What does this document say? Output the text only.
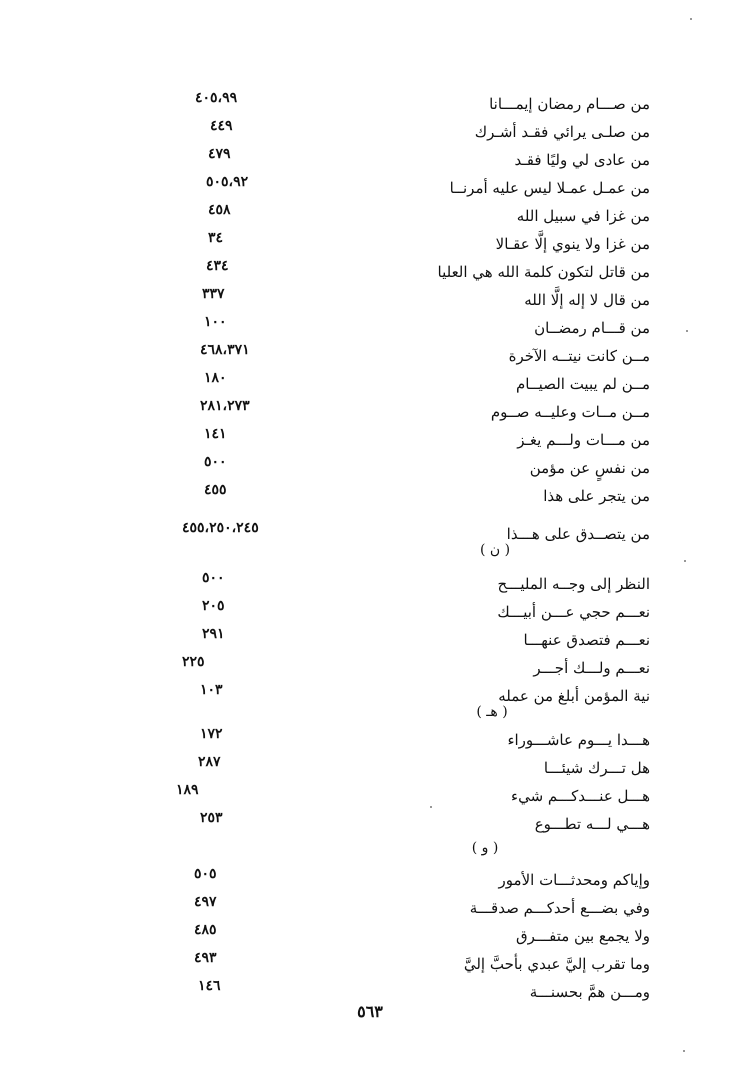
من صـــام رمضان إيمـــانا
٤٠٥،٩٩
من صلـى يرائي فقـد أشـرك
٤٤٩
من عادى لي وليًا فقـد
٤٧٩
من عمـل عمـلا ليس عليه أمرنــا
٥٠٥،٩٢
من غزا في سبيل الله
٤٥٨
من غزا ولا ينوي إلَّا عقـالا
٣٤
من قاتل لتكون كلمة الله هي العليا
٤٣٤
من قال لا إله إلَّا الله
٣٣٧
من قـــام رمضــان
١٠٠
مــن كانت نيتــه الآخرة
٤٦٨،٣٧١
مــن لم يبيت الصيــام
١٨٠
مــن مــات وعليــه صــوم
٢٨١،٢٧٣
من مـــات ولـــم يغـز
١٤١
من نفسٍ عن مؤمن
٥٠٠
من يتجر على هذا
٤٥٥
من يتصــدق على هـــذا
٤٥٥،٢٥٠،٢٤٥
( ن )
النظر إلى وجــه المليـــح
٥٠٠
نعـــم حجي عـــن أبيـــك
٢٠٥
نعـــم فتصدق عنهـــا
٢٩١
نعـــم ولـــك أجـــر
٢٢٥
نية المؤمن أبلغ من عمله
١٠٣
( هـ )
هـــدا يـــوم عاشـــوراء
١٧٢
هل تـــرك شيئـــا
٢٨٧
هـــل عنـــدكـــم شيء
١٨٩
هـــي لـــه تطـــوع
٢٥٣
( و )
وإياكم ومحدثـــات الأمور
٥٠٥
وفي بضـــع أحدكـــم صدقـــة
٤٩٧
ولا يجمع بين متفـــرق
٤٨٥
وما تقرب إليَّ عبدي بأحبَّ إليَّ
٤٩٣
ومـــن همَّ بحسنـــة
١٤٦
٥٦٣
